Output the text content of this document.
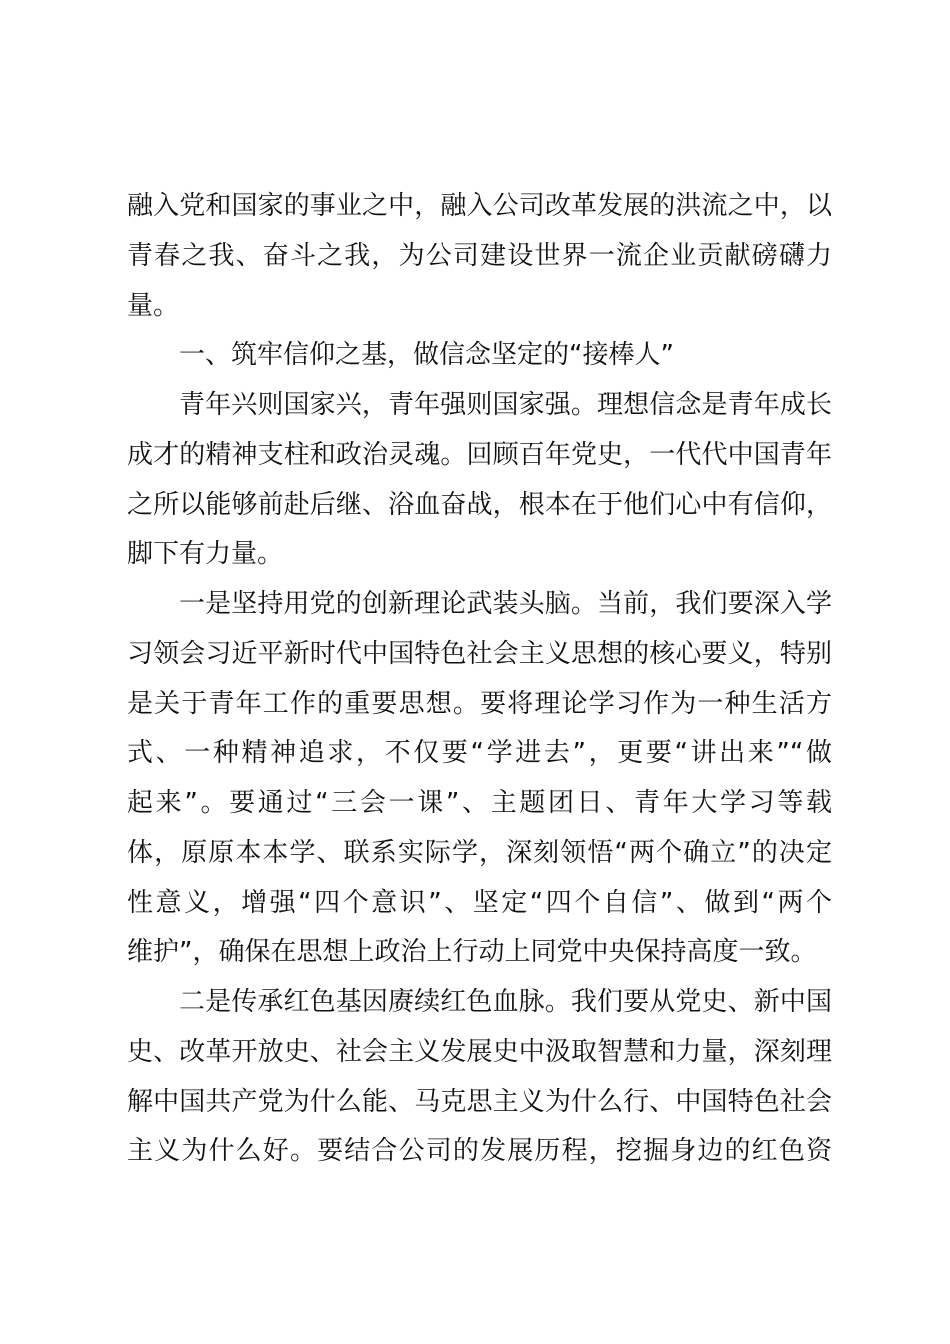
融入党和国家的事业之中，融入公司改革发展的洪流之中，以
青春之我、奋斗之我，为公司建设世界一流企业贡献磅礴力
量。
一、筑牢信仰之基，做信念坚定的“接棒人”
青年兴则国家兴，青年强则国家强。理想信念是青年成长
成才的精神支柱和政治灵魂。回顾百年党史，一代代中国青年
之所以能够前赴后继、浴血奋战，根本在于他们心中有信仰，
脚下有力量。
一是坚持用党的创新理论武装头脑。当前，我们要深入学
习领会习近平新时代中国特色社会主义思想的核心要义，特别
是关于青年工作的重要思想。要将理论学习作为一种生活方
式、一种精神追求，不仅要“学进去”，更要“讲出来”“做
起来”。要通过“三会一课”、主题团日、青年大学习等载
体，原原本本学、联系实际学，深刻领悟“两个确立”的决定
性意义，增强“四个意识”、坚定“四个自信”、做到“两个
维护”，确保在思想上政治上行动上同党中央保持高度一致。
二是传承红色基因赓续红色血脉。我们要从党史、新中国
史、改革开放史、社会主义发展史中汲取智慧和力量，深刻理
解中国共产党为什么能、马克思主义为什么行、中国特色社会
主义为什么好。要结合公司的发展历程，挖掘身边的红色资
